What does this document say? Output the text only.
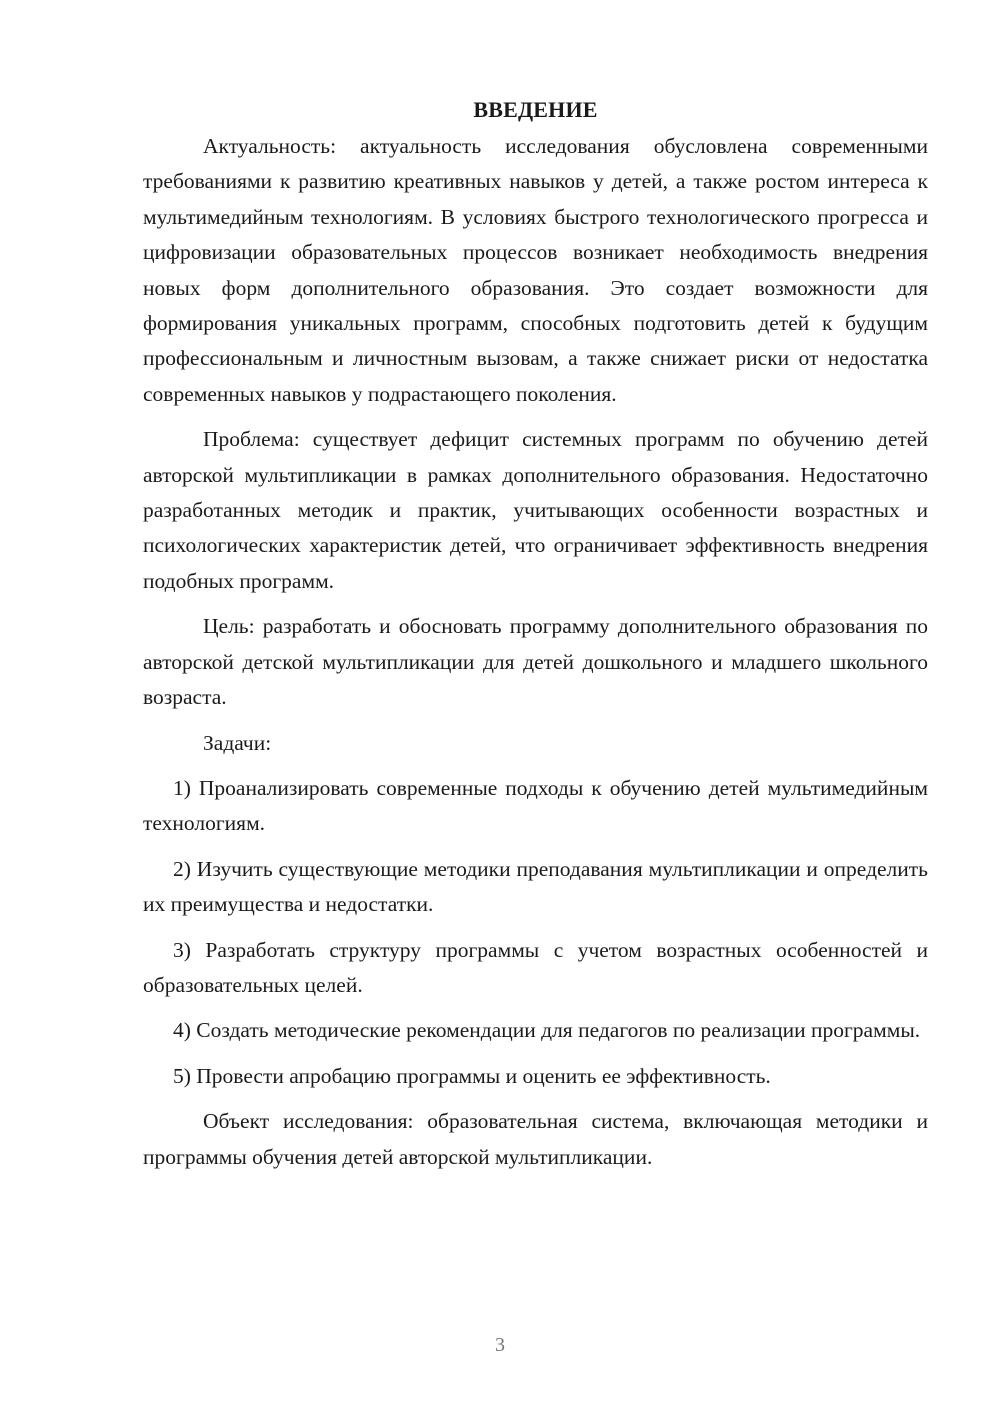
ВВЕДЕНИЕ

Актуальность: актуальность исследования обусловлена современными требованиями к развитию креативных навыков у детей, а также ростом интереса к мультимедийным технологиям. В условиях быстрого технологического прогресса и цифровизации образовательных процессов возникает необходимость внедрения новых форм дополнительного образования. Это создает возможности для формирования уникальных программ, способных подготовить детей к будущим профессиональным и личностным вызовам, а также снижает риски от недостатка современных навыков у подрастающего поколения.

Проблема: существует дефицит системных программ по обучению детей авторской мультипликации в рамках дополнительного образования. Недостаточно разработанных методик и практик, учитывающих особенности возрастных и психологических характеристик детей, что ограничивает эффективность внедрения подобных программ.

Цель: разработать и обосновать программу дополнительного образования по авторской детской мультипликации для детей дошкольного и младшего школьного возраста.

Задачи:

1) Проанализировать современные подходы к обучению детей мультимедийным технологиям.

2) Изучить существующие методики преподавания мультипликации и определить их преимущества и недостатки.

3) Разработать структуру программы с учетом возрастных особенностей и образовательных целей.

4) Создать методические рекомендации для педагогов по реализации программы.

5) Провести апробацию программы и оценить ее эффективность.

Объект исследования: образовательная система, включающая методики и программы обучения детей авторской мультипликации.

3
